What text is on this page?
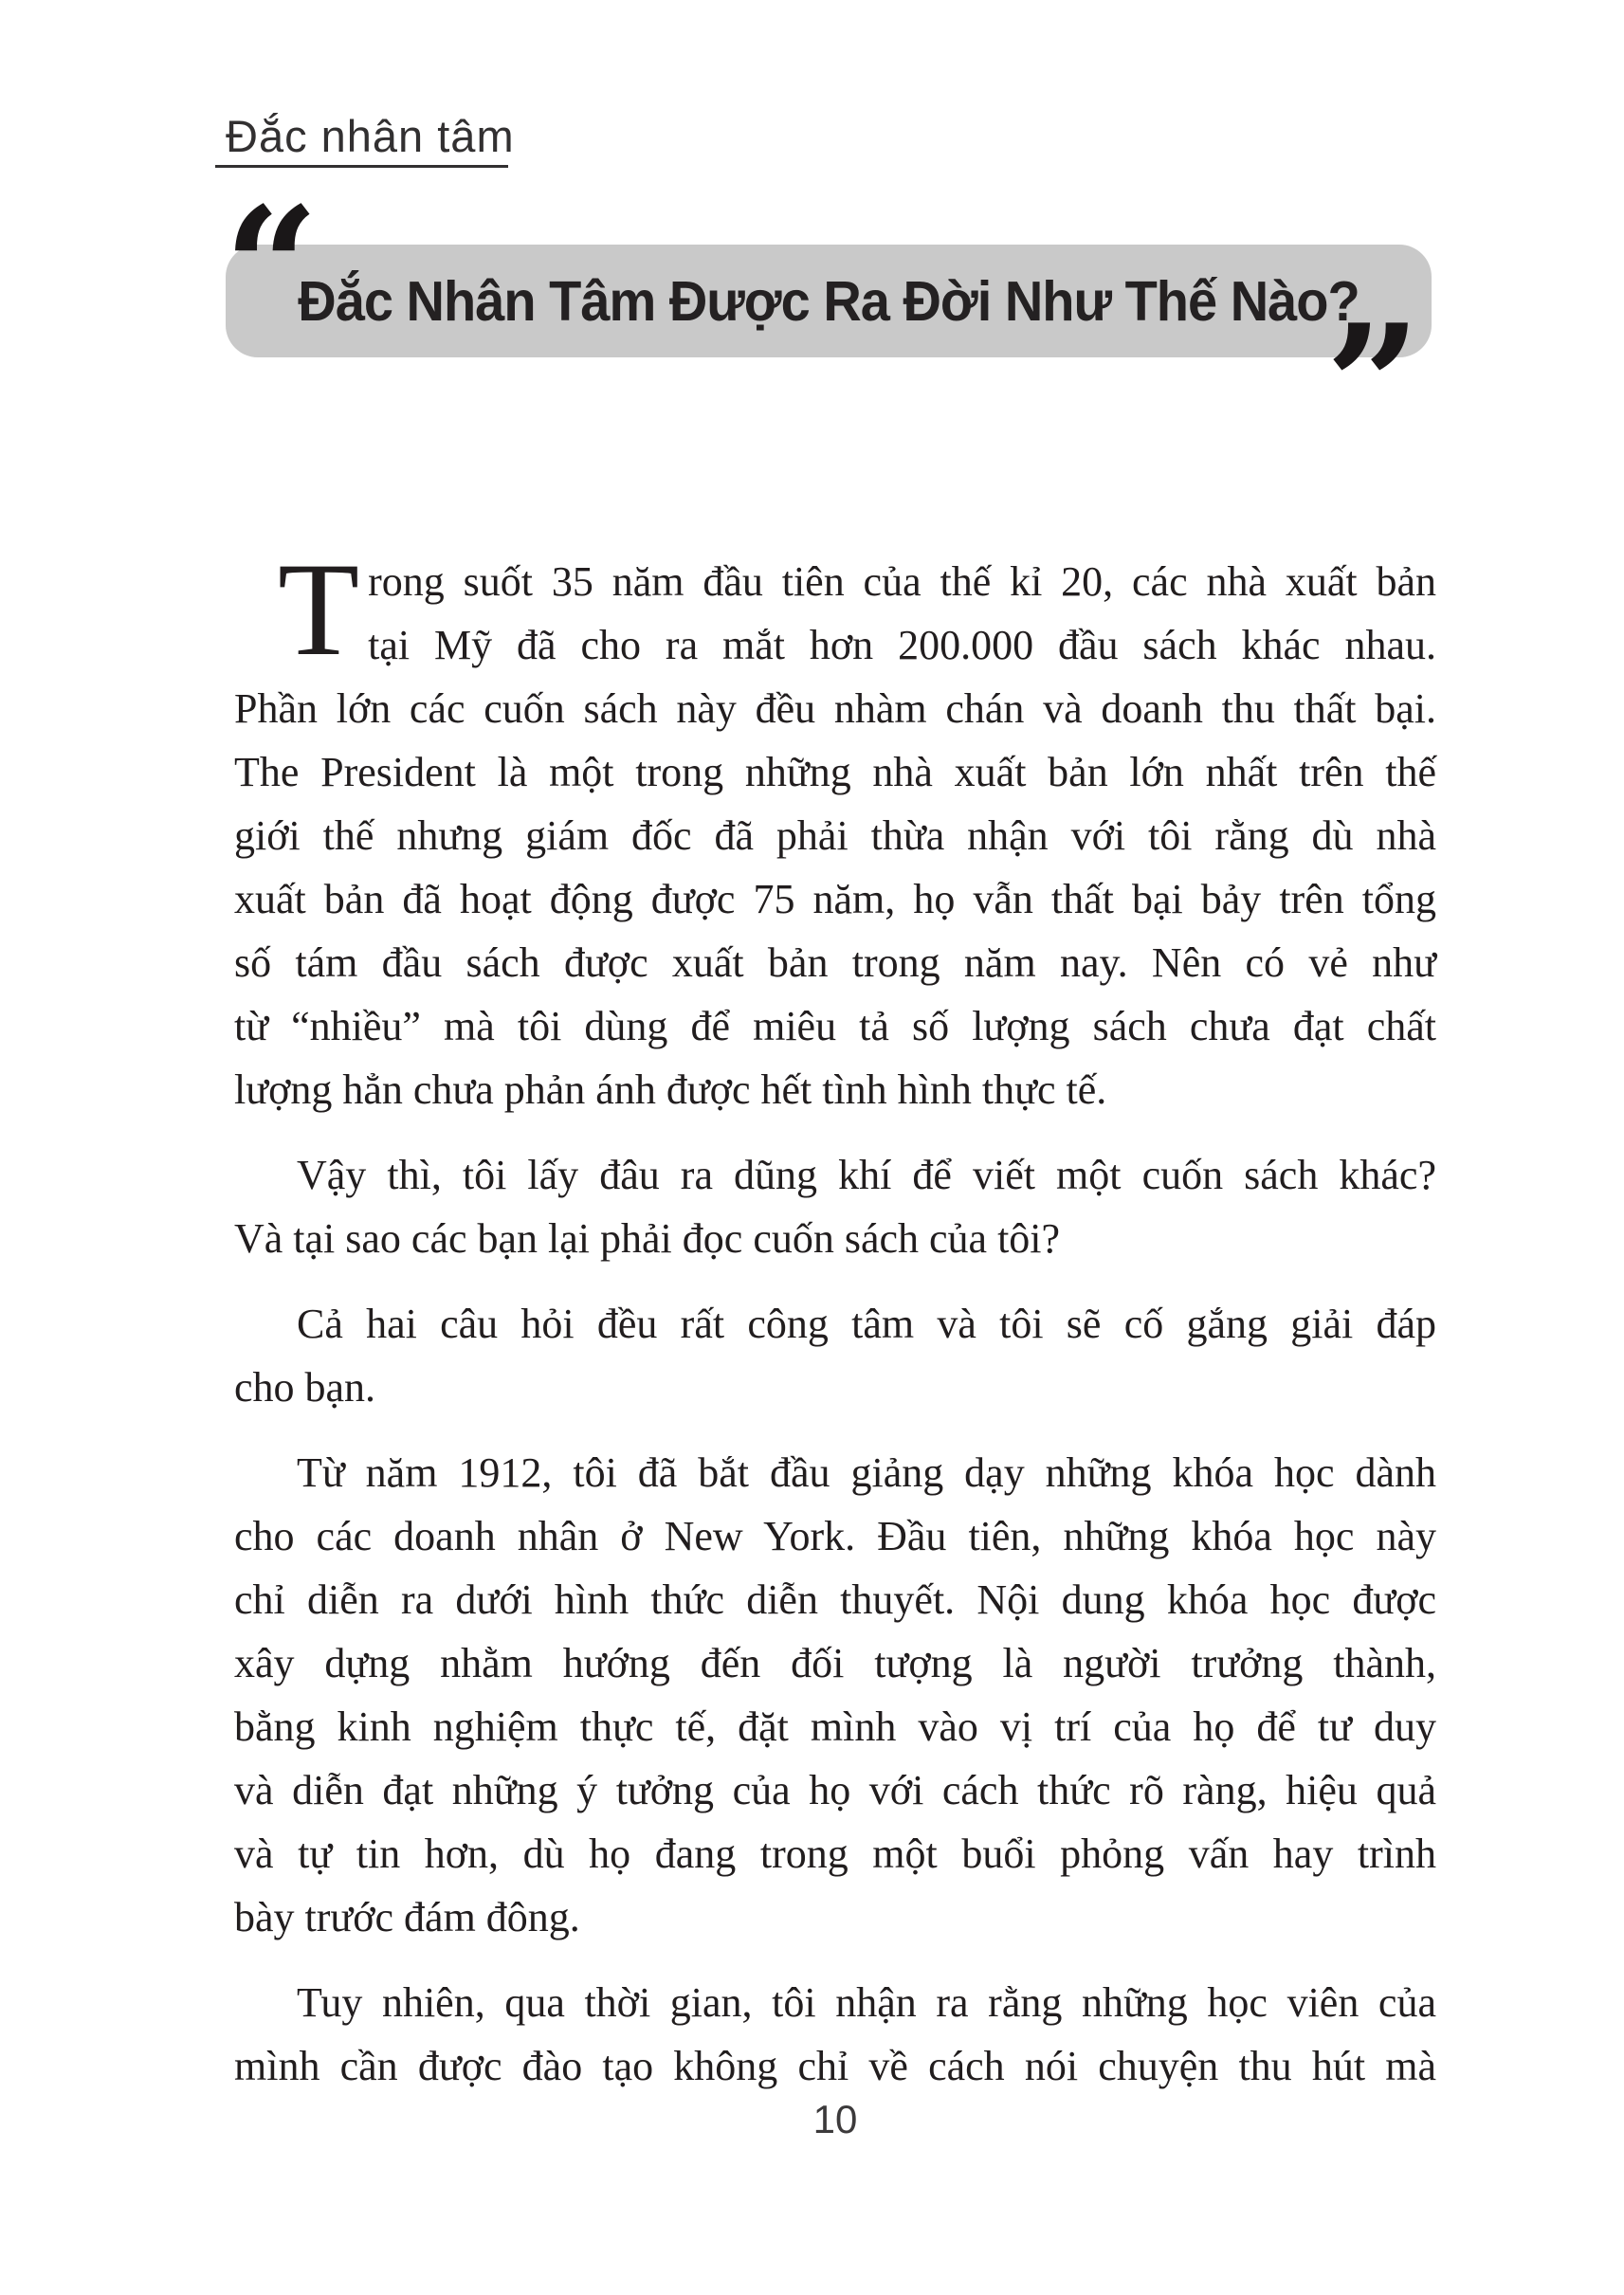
Đắc nhân tâm
“
Đắc Nhân Tâm Được Ra Đời Như Thế Nào?
”

T rong suốt 35 năm đầu tiên của thế kỉ 20, các nhà xuất bản
tại Mỹ đã cho ra mắt hơn 200.000 đầu sách khác nhau.
Phần lớn các cuốn sách này đều nhàm chán và doanh thu thất bại.
The President là một trong những nhà xuất bản lớn nhất trên thế
giới thế nhưng giám đốc đã phải thừa nhận với tôi rằng dù nhà
xuất bản đã hoạt động được 75 năm, họ vẫn thất bại bảy trên tổng
số tám đầu sách được xuất bản trong năm nay. Nên có vẻ như
từ “nhiều” mà tôi dùng để miêu tả số lượng sách chưa đạt chất
lượng hẳn chưa phản ánh được hết tình hình thực tế.

Vậy thì, tôi lấy đâu ra dũng khí để viết một cuốn sách khác?
Và tại sao các bạn lại phải đọc cuốn sách của tôi?

Cả hai câu hỏi đều rất công tâm và tôi sẽ cố gắng giải đáp
cho bạn.

Từ năm 1912, tôi đã bắt đầu giảng dạy những khóa học dành
cho các doanh nhân ở New York. Đầu tiên, những khóa học này
chỉ diễn ra dưới hình thức diễn thuyết. Nội dung khóa học được
xây dựng nhằm hướng đến đối tượng là người trưởng thành,
bằng kinh nghiệm thực tế, đặt mình vào vị trí của họ để tư duy
và diễn đạt những ý tưởng của họ với cách thức rõ ràng, hiệu quả
và tự tin hơn, dù họ đang trong một buổi phỏng vấn hay trình
bày trước đám đông.

Tuy nhiên, qua thời gian, tôi nhận ra rằng những học viên của
mình cần được đào tạo không chỉ về cách nói chuyện thu hút mà

10
